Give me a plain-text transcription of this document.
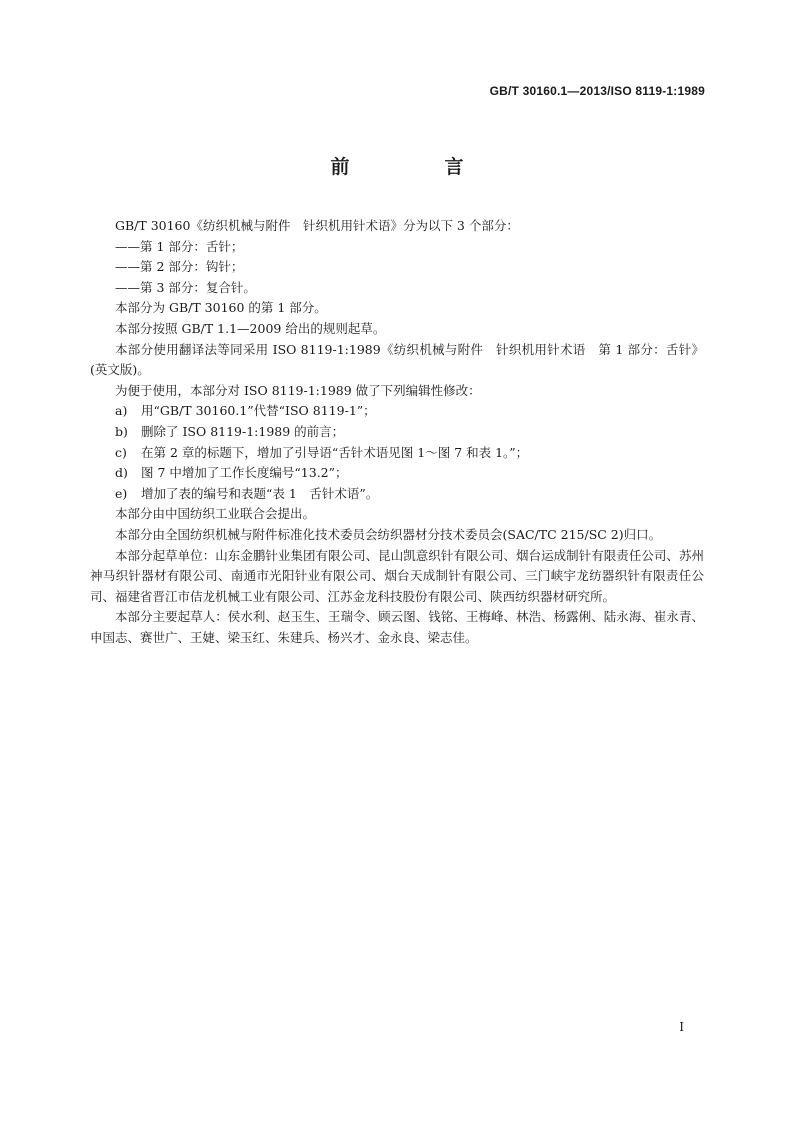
GB/T 30160.1—2013/ISO 8119-1:1989
前　言

GB/T 30160《纺织机械与附件　针织机用针术语》分为以下 3 个部分：

——第 1 部分：舌针；

——第 2 部分：钩针；

——第 3 部分：复合针。

本部分为 GB/T 30160 的第 1 部分。

本部分按照 GB/T 1.1—2009 给出的规则起草。

本部分使用翻译法等同采用 ISO 8119-1:1989《纺织机械与附件　针织机用针术语　第 1 部分：舌针》(英文版)。

为便于使用，本部分对 ISO 8119-1:1989 做了下列编辑性修改：

a) 用“GB/T 30160.1”代替“ISO 8119-1”；

b) 删除了 ISO 8119-1:1989 的前言；

c) 在第 2 章的标题下，增加了引导语“舌针术语见图 1～图 7 和表 1。”；

d) 图 7 中增加了工作长度编号“13.2”；

e) 增加了表的编号和表题“表 1　舌针术语”。

本部分由中国纺织工业联合会提出。

本部分由全国纺织机械与附件标准化技术委员会纺织器材分技术委员会(SAC/TC 215/SC 2)归口。

本部分起草单位：山东金鹏针业集团有限公司、昆山凯意织针有限公司、烟台运成制针有限责任公司、苏州神马织针器材有限公司、南通市光阳针业有限公司、烟台天成制针有限公司、三门峡宇龙纺器织针有限责任公司、福建省晋江市佶龙机械工业有限公司、江苏金龙科技股份有限公司、陕西纺织器材研究所。

本部分主要起草人：侯水利、赵玉生、王瑞令、顾云图、钱铭、王梅峰、林浩、杨露俐、陆永海、崔永青、申国志、赛世广、王婕、梁玉红、朱建兵、杨兴才、金永良、梁志佳。

I
